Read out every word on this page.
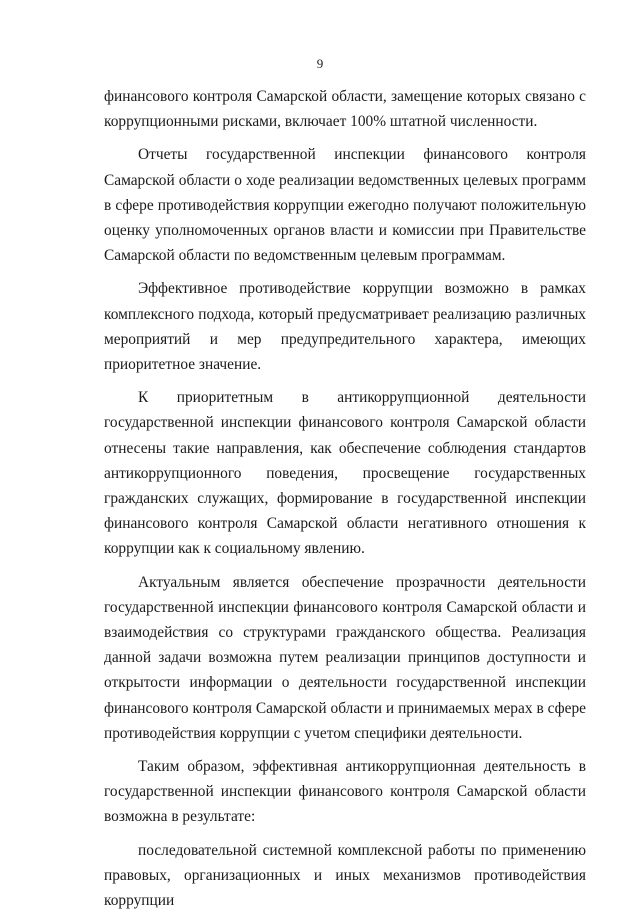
9

финансового контроля Самарской области, замещение которых связано с коррупционными рисками, включает 100% штатной численности.

Отчеты государственной инспекции финансового контроля Самарской области о ходе реализации ведомственных целевых программ в сфере противодействия коррупции ежегодно получают положительную оценку уполномоченных органов власти и комиссии при Правительстве Самарской области по ведомственным целевым программам.

Эффективное противодействие коррупции возможно в рамках комплексного подхода, который предусматривает реализацию различных мероприятий и мер предупредительного характера, имеющих приоритетное значение.

К приоритетным в антикоррупционной деятельности государственной инспекции финансового контроля Самарской области отнесены такие направления, как обеспечение соблюдения стандартов антикоррупционного поведения, просвещение государственных гражданских служащих, формирование в государственной инспекции финансового контроля Самарской области негативного отношения к коррупции как к социальному явлению.

Актуальным является обеспечение прозрачности деятельности государственной инспекции финансового контроля Самарской области и взаимодействия со структурами гражданского общества. Реализация данной задачи возможна путем реализации принципов доступности и открытости информации о деятельности государственной инспекции финансового контроля Самарской области и принимаемых мерах в сфере противодействия коррупции с учетом специфики деятельности.

Таким образом, эффективная антикоррупционная деятельность в государственной инспекции финансового контроля Самарской области возможна в результате:

последовательной системной комплексной работы по применению правовых, организационных и иных механизмов противодействия коррупции
